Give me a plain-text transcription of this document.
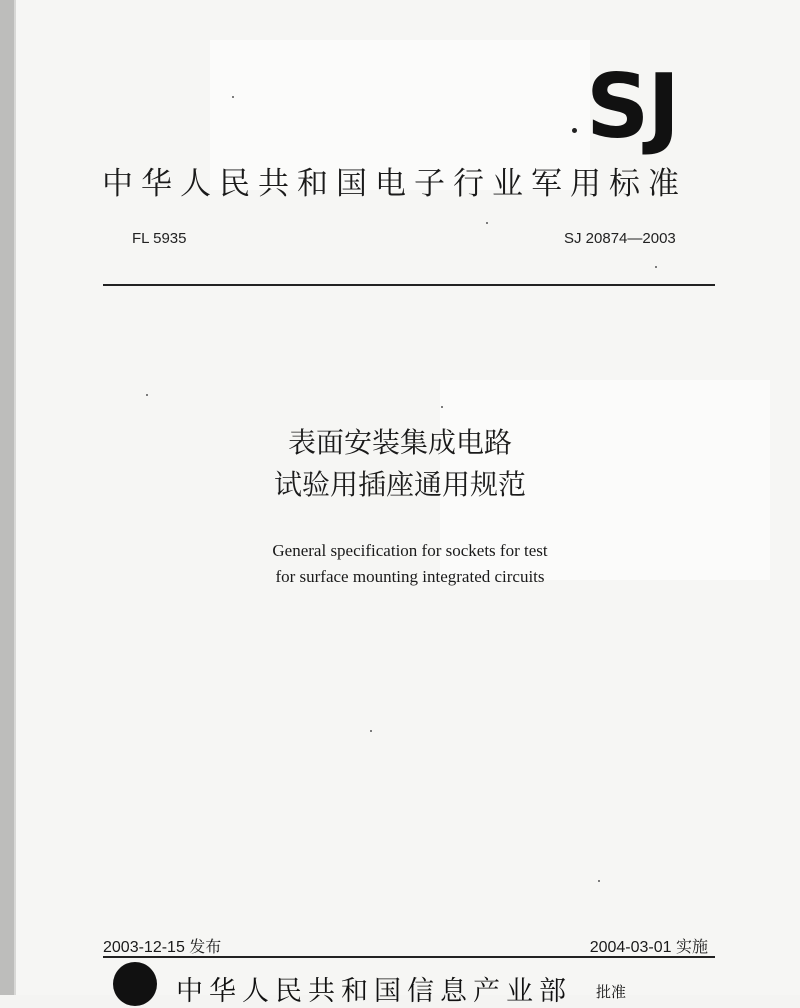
SJ
中华人民共和国电子行业军用标准
FL 5935	SJ 20874—2003
表面安装集成电路
试验用插座通用规范
General specification for sockets for test
for surface mounting integrated circuits
2003-12-15 发布	2004-03-01 实施
中华人民共和国信息产业部 批准
